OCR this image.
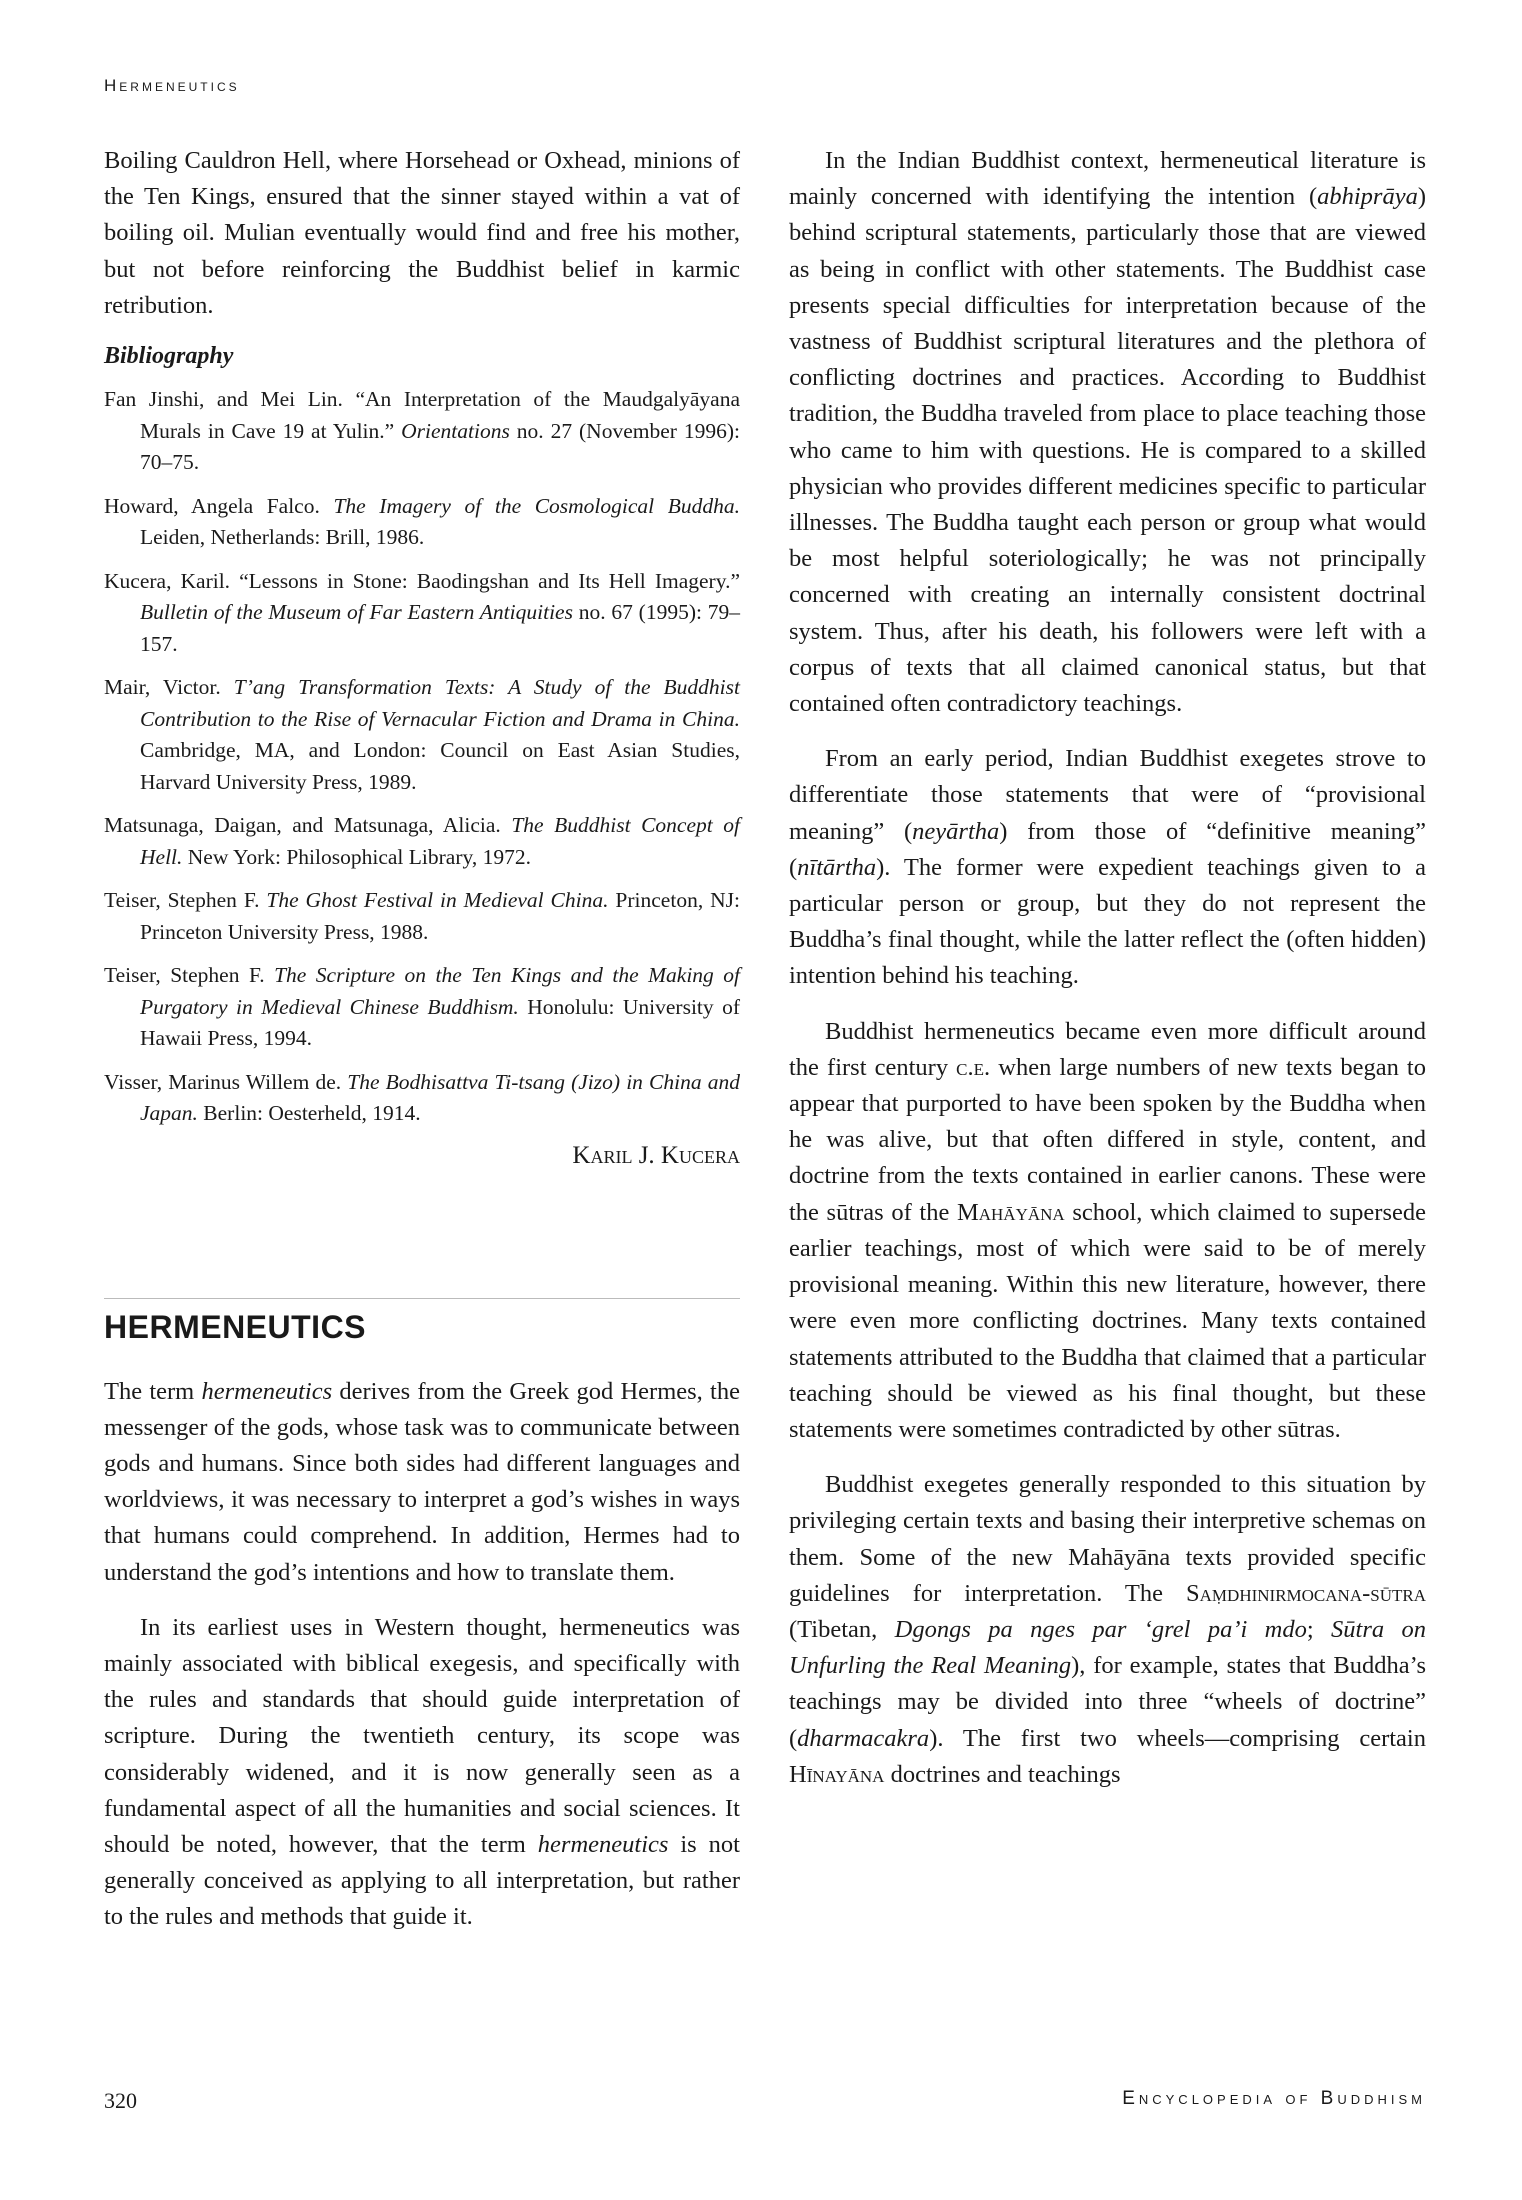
Hermeneutics

Boiling Cauldron Hell, where Horsehead or Oxhead, minions of the Ten Kings, ensured that the sinner stayed within a vat of boiling oil. Mulian eventually would find and free his mother, but not before reinforcing the Buddhist belief in karmic retribution.

Bibliography

Fan Jinshi, and Mei Lin. “An Interpretation of the Maudgalyāyana Murals in Cave 19 at Yulin.” Orientations no. 27 (November 1996): 70–75.

Howard, Angela Falco. The Imagery of the Cosmological Buddha. Leiden, Netherlands: Brill, 1986.

Kucera, Karil. “Lessons in Stone: Baodingshan and Its Hell Imagery.” Bulletin of the Museum of Far Eastern Antiquities no. 67 (1995): 79–157.

Mair, Victor. T’ang Transformation Texts: A Study of the Buddhist Contribution to the Rise of Vernacular Fiction and Drama in China. Cambridge, MA, and London: Council on East Asian Studies, Harvard University Press, 1989.

Matsunaga, Daigan, and Matsunaga, Alicia. The Buddhist Concept of Hell. New York: Philosophical Library, 1972.

Teiser, Stephen F. The Ghost Festival in Medieval China. Princeton, NJ: Princeton University Press, 1988.

Teiser, Stephen F. The Scripture on the Ten Kings and the Making of Purgatory in Medieval Chinese Buddhism. Honolulu: University of Hawaii Press, 1994.

Visser, Marinus Willem de. The Bodhisattva Ti-tsang (Jizo) in China and Japan. Berlin: Oesterheld, 1914.

Karil J. Kucera
HERMENEUTICS

The term hermeneutics derives from the Greek god Hermes, the messenger of the gods, whose task was to communicate between gods and humans. Since both sides had different languages and worldviews, it was necessary to interpret a god’s wishes in ways that humans could comprehend. In addition, Hermes had to understand the god’s intentions and how to translate them.

In its earliest uses in Western thought, hermeneutics was mainly associated with biblical exegesis, and specifically with the rules and standards that should guide interpretation of scripture. During the twentieth century, its scope was considerably widened, and it is now generally seen as a fundamental aspect of all the humanities and social sciences. It should be noted, however, that the term hermeneutics is not generally conceived as applying to all interpretation, but rather to the rules and methods that guide it.

In the Indian Buddhist context, hermeneutical literature is mainly concerned with identifying the intention (abhiprāya) behind scriptural statements, particularly those that are viewed as being in conflict with other statements. The Buddhist case presents special difficulties for interpretation because of the vastness of Buddhist scriptural literatures and the plethora of conflicting doctrines and practices. According to Buddhist tradition, the Buddha traveled from place to place teaching those who came to him with questions. He is compared to a skilled physician who provides different medicines specific to particular illnesses. The Buddha taught each person or group what would be most helpful soteriologically; he was not principally concerned with creating an internally consistent doctrinal system. Thus, after his death, his followers were left with a corpus of texts that all claimed canonical status, but that contained often contradictory teachings.

From an early period, Indian Buddhist exegetes strove to differentiate those statements that were of “provisional meaning” (neyārtha) from those of “definitive meaning” (nītārtha). The former were expedient teachings given to a particular person or group, but they do not represent the Buddha’s final thought, while the latter reflect the (often hidden) intention behind his teaching.

Buddhist hermeneutics became even more difficult around the first century c.e. when large numbers of new texts began to appear that purported to have been spoken by the Buddha when he was alive, but that often differed in style, content, and doctrine from the texts contained in earlier canons. These were the sūtras of the Mahāyāna school, which claimed to supersede earlier teachings, most of which were said to be of merely provisional meaning. Within this new literature, however, there were even more conflicting doctrines. Many texts contained statements attributed to the Buddha that claimed that a particular teaching should be viewed as his final thought, but these statements were sometimes contradicted by other sūtras.

Buddhist exegetes generally responded to this situation by privileging certain texts and basing their interpretive schemas on them. Some of the new Mahāyāna texts provided specific guidelines for interpretation. The Saṃdhinirmocana-sūtra (Tibetan, Dgongs pa nges par ‘grel pa’i mdo; Sūtra on Unfurling the Real Meaning), for example, states that Buddha’s teachings may be divided into three “wheels of doctrine” (dharmacakra). The first two wheels—comprising certain Hīnayāna doctrines and teachings

320	Encyclopedia of Buddhism
